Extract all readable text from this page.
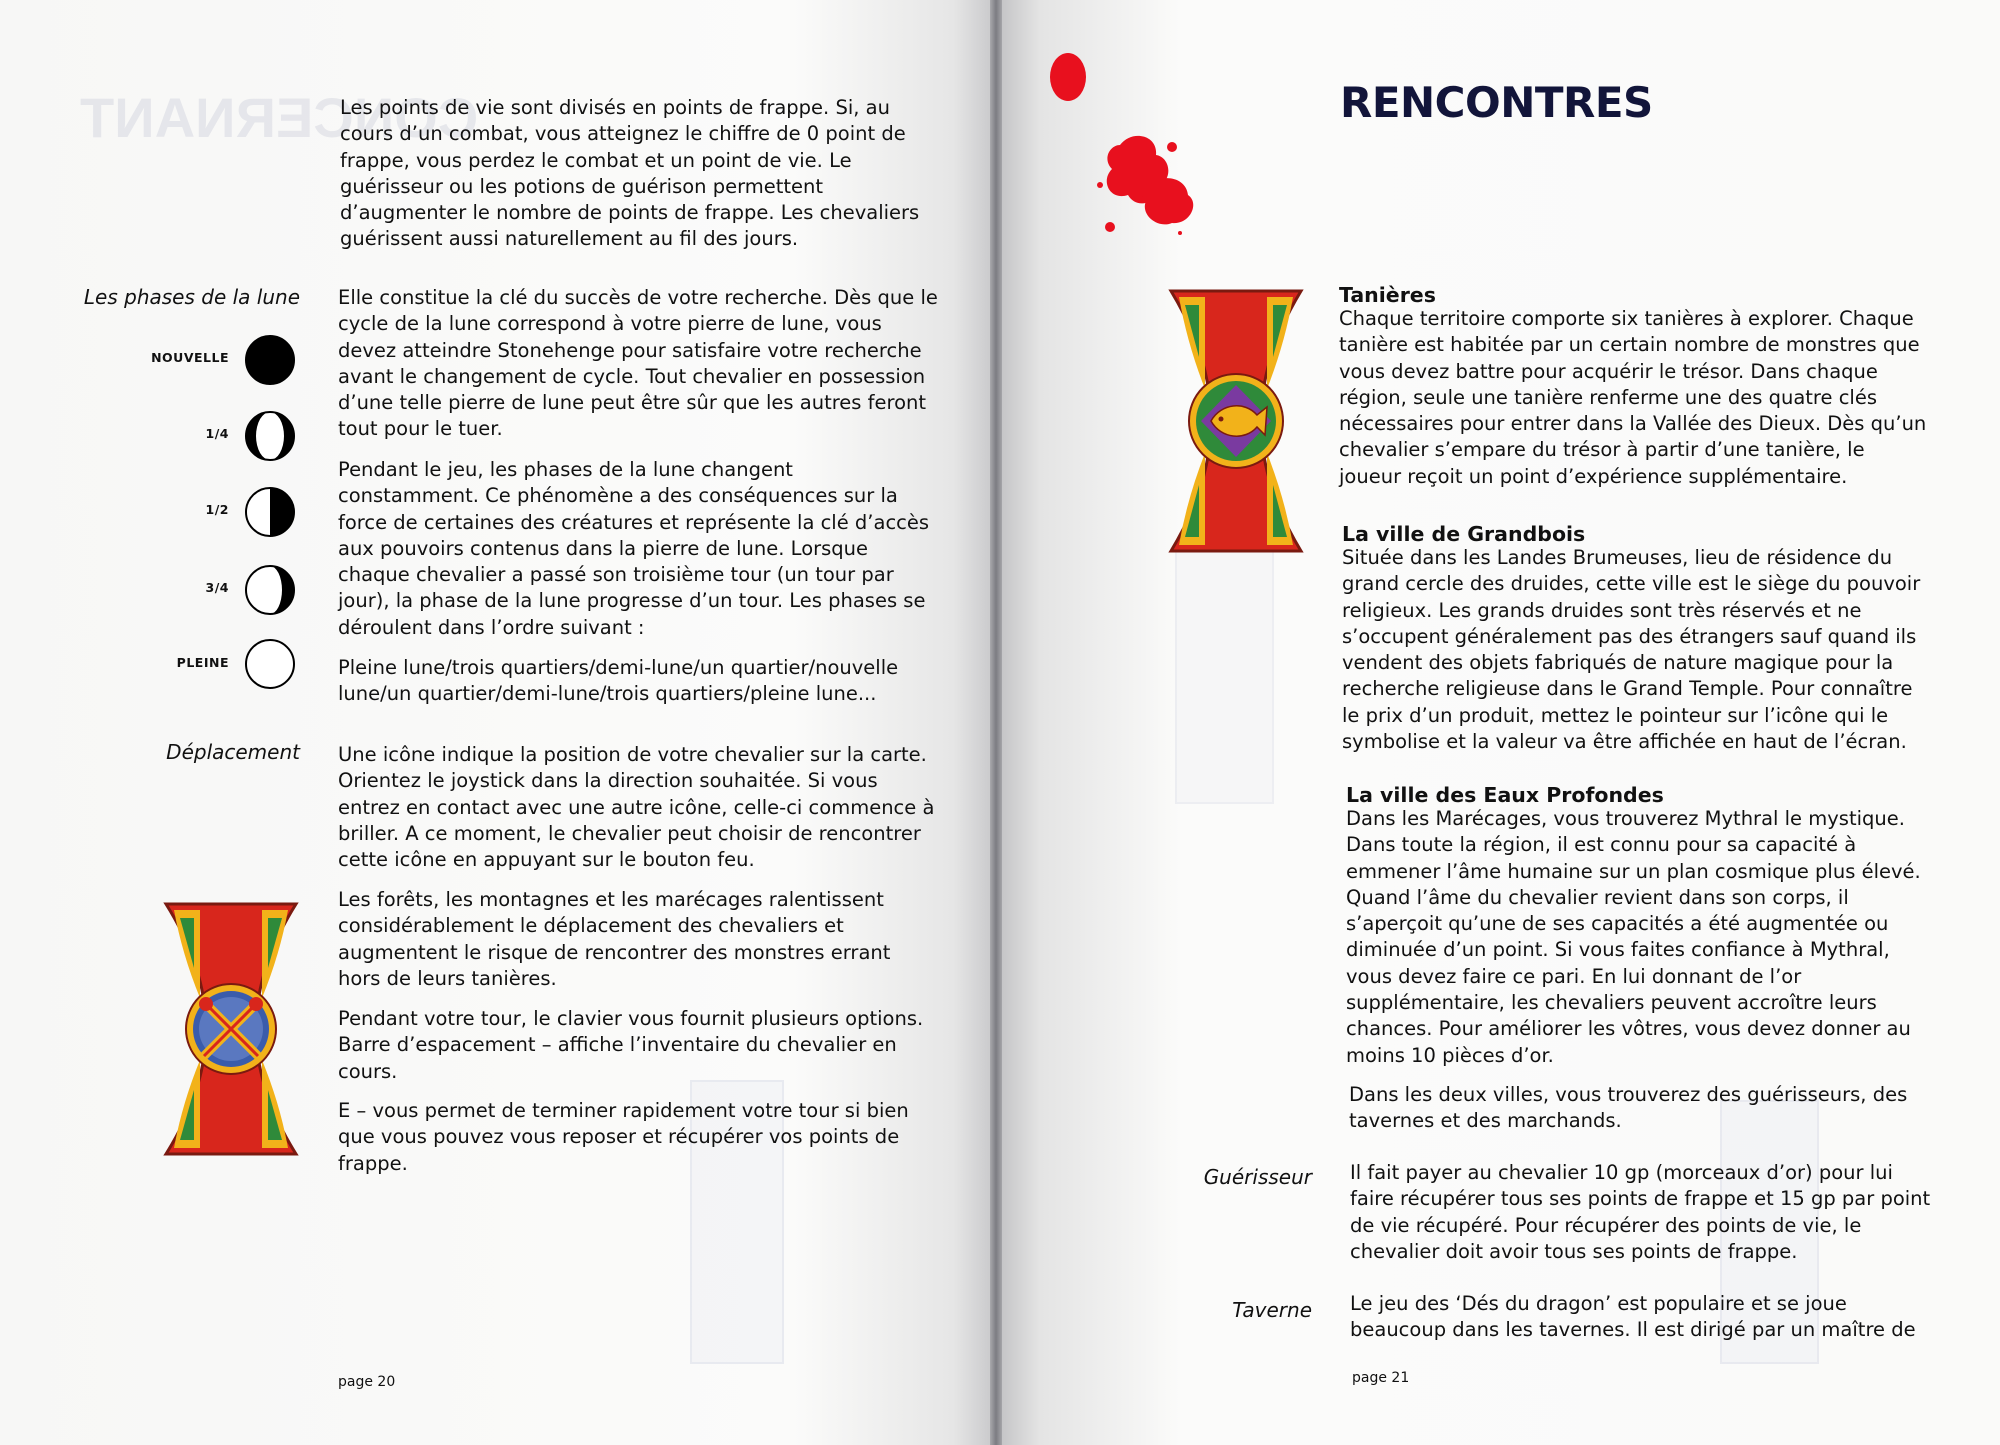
CONCERNANT

Les points de vie sont divisés en points de frappe. Si, au cours d’un combat, vous atteignez le chiffre de 0 point de frappe, vous perdez le combat et un point de vie. Le guérisseur ou les potions de guérison permettent d’augmenter le nombre de points de frappe. Les chevaliers guérissent aussi naturellement au fil des jours.

Les phases de la lune Elle constitue la clé du succès de votre recherche. Dès que le cycle de la lune correspond à votre pierre de lune, vous devez atteindre Stonehenge pour satisfaire votre recherche avant le changement de cycle. Tout chevalier en possession d’une telle pierre de lune peut être sûr que les autres feront tout pour le tuer.

Pendant le jeu, les phases de la lune changent constamment. Ce phénomène a des conséquences sur la force de certaines des créatures et représente la clé d’accès aux pouvoirs contenus dans la pierre de lune. Lorsque chaque chevalier a passé son troisième tour (un tour par jour), la phase de la lune progresse d’un tour. Les phases se déroulent dans l’ordre suivant :

Pleine lune/trois quartiers/demi-lune/un quartier/nouvelle lune/un quartier/demi-lune/trois quartiers/pleine lune...

NOUVELLE
1/4
1/2
3/4
PLEINE
Déplacement Une icône indique la position de votre chevalier sur la carte. Orientez le joystick dans la direction souhaitée. Si vous entrez en contact avec une autre icône, celle-ci commence à briller. A ce moment, le chevalier peut choisir de rencontrer cette icône en appuyant sur le bouton feu.

Les forêts, les montagnes et les marécages ralentissent considérablement le déplacement des chevaliers et augmentent le risque de rencontrer des monstres errant hors de leurs tanières.

Pendant votre tour, le clavier vous fournit plusieurs options. Barre d’espacement – affiche l’inventaire du chevalier en cours.

E – vous permet de terminer rapidement votre tour si bien que vous pouvez vous reposer et récupérer vos points de frappe.

page 20
RENCONTRES
Tanières

Chaque territoire comporte six tanières à explorer. Chaque tanière est habitée par un certain nombre de monstres que vous devez battre pour acquérir le trésor. Dans chaque région, seule une tanière renferme une des quatre clés nécessaires pour entrer dans la Vallée des Dieux. Dès qu’un chevalier s’empare du trésor à partir d’une tanière, le joueur reçoit un point d’expérience supplémentaire.

La ville de Grandbois

Située dans les Landes Brumeuses, lieu de résidence du grand cercle des druides, cette ville est le siège du pouvoir religieux. Les grands druides sont très réservés et ne s’occupent généralement pas des étrangers sauf quand ils vendent des objets fabriqués de nature magique pour la recherche religieuse dans le Grand Temple. Pour connaître le prix d’un produit, mettez le pointeur sur l’icône qui le symbolise et la valeur va être affichée en haut de l’écran.

La ville des Eaux Profondes

Dans les Marécages, vous trouverez Mythral le mystique. Dans toute la région, il est connu pour sa capacité à emmener l’âme humaine sur un plan cosmique plus élevé. Quand l’âme du chevalier revient dans son corps, il s’aperçoit qu’une de ses capacités a été augmentée ou diminuée d’un point. Si vous faites confiance à Mythral, vous devez faire ce pari. En lui donnant de l’or supplémentaire, les chevaliers peuvent accroître leurs chances. Pour améliorer les vôtres, vous devez donner au moins 10 pièces d’or.

Dans les deux villes, vous trouverez des guérisseurs, des tavernes et des marchands.

Guérisseur Il fait payer au chevalier 10 gp (morceaux d’or) pour lui faire récupérer tous ses points de frappe et 15 gp par point de vie récupéré. Pour récupérer des points de vie, le chevalier doit avoir tous ses points de frappe.

Taverne Le jeu des ‘Dés du dragon’ est populaire et se joue beaucoup dans les tavernes. Il est dirigé par un maître de

page 21
